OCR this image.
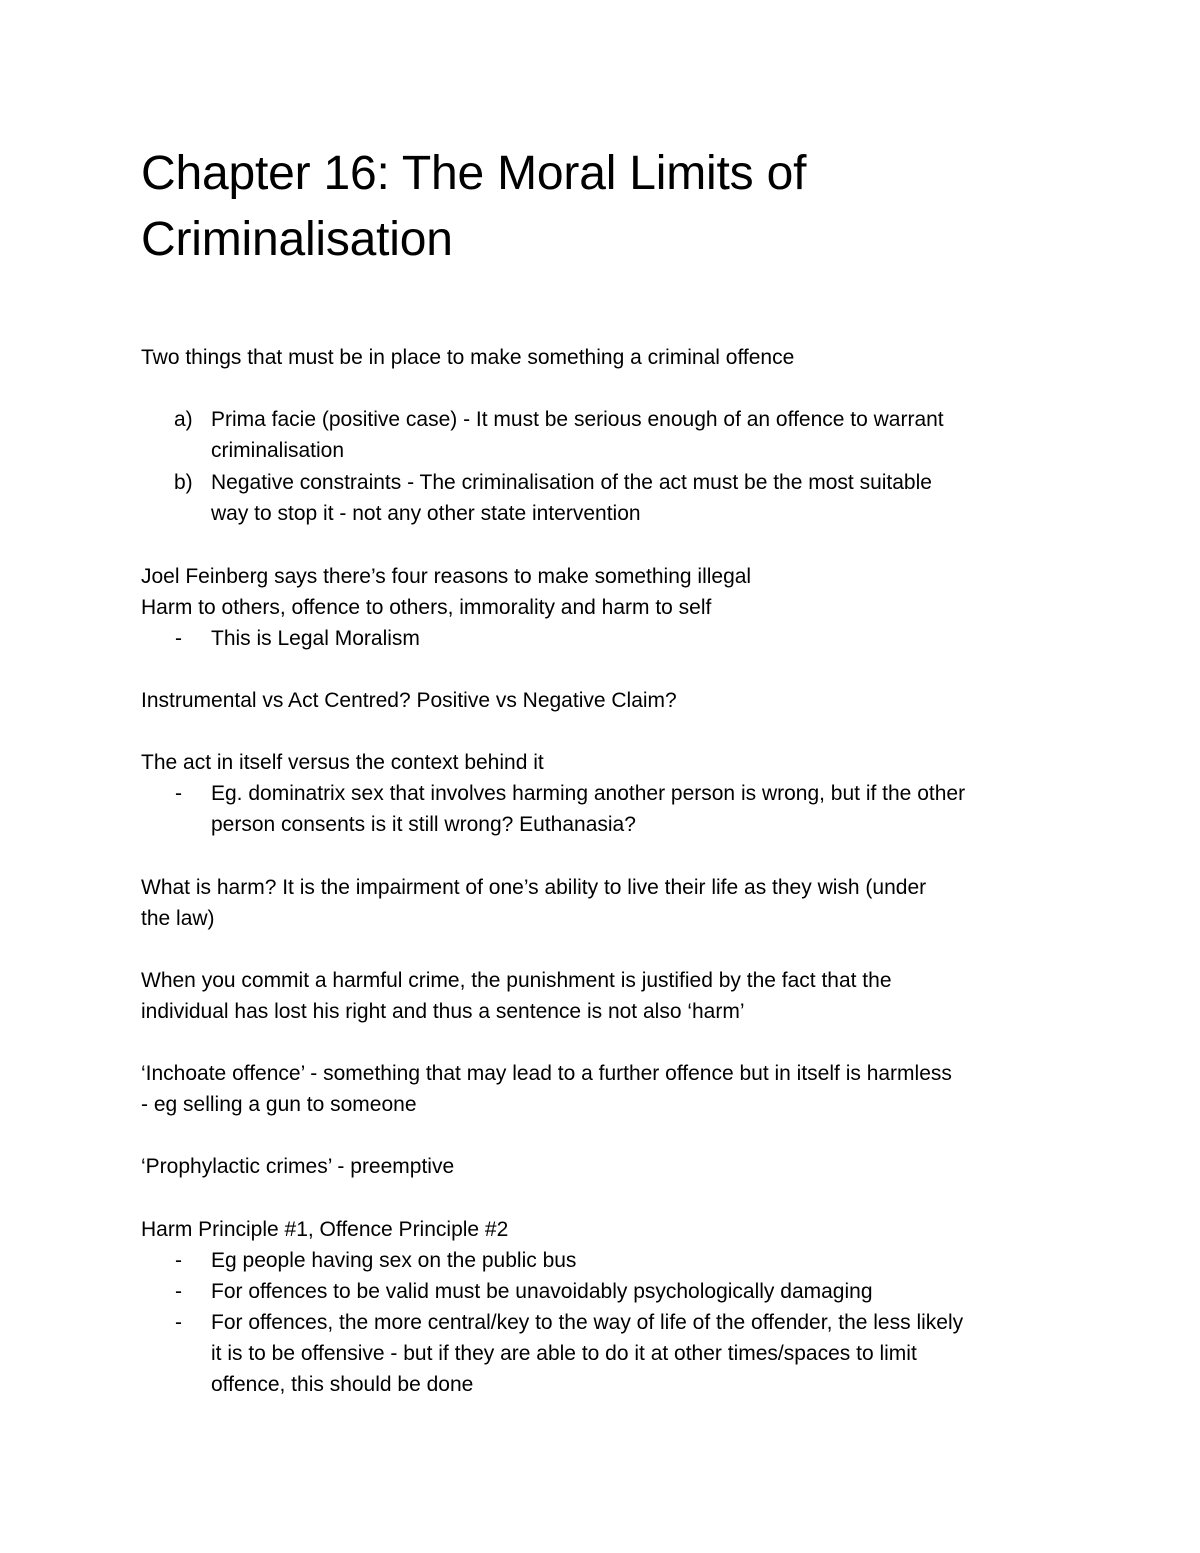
Chapter 16: The Moral Limits of
Criminalisation

Two things that must be in place to make something a criminal offence

a) Prima facie (positive case) - It must be serious enough of an offence to warrant
criminalisation
b) Negative constraints - The criminalisation of the act must be the most suitable
way to stop it - not any other state intervention

Joel Feinberg says there’s four reasons to make something illegal

Harm to others, offence to others, immorality and harm to self

- This is Legal Moralism

Instrumental vs Act Centred? Positive vs Negative Claim?

The act in itself versus the context behind it

- Eg. dominatrix sex that involves harming another person is wrong, but if the other
person consents is it still wrong? Euthanasia?
What is harm? It is the impairment of one’s ability to live their life as they wish (under
the law)
When you commit a harmful crime, the punishment is justified by the fact that the
individual has lost his right and thus a sentence is not also ‘harm’
‘Inchoate offence’ - something that may lead to a further offence but in itself is harmless
- eg selling a gun to someone

‘Prophylactic crimes’ - preemptive

Harm Principle #1, Offence Principle #2

- Eg people having sex on the public bus
- For offences to be valid must be unavoidably psychologically damaging
- For offences, the more central/key to the way of life of the offender, the less likely
it is to be offensive - but if they are able to do it at other times/spaces to limit
offence, this should be done
